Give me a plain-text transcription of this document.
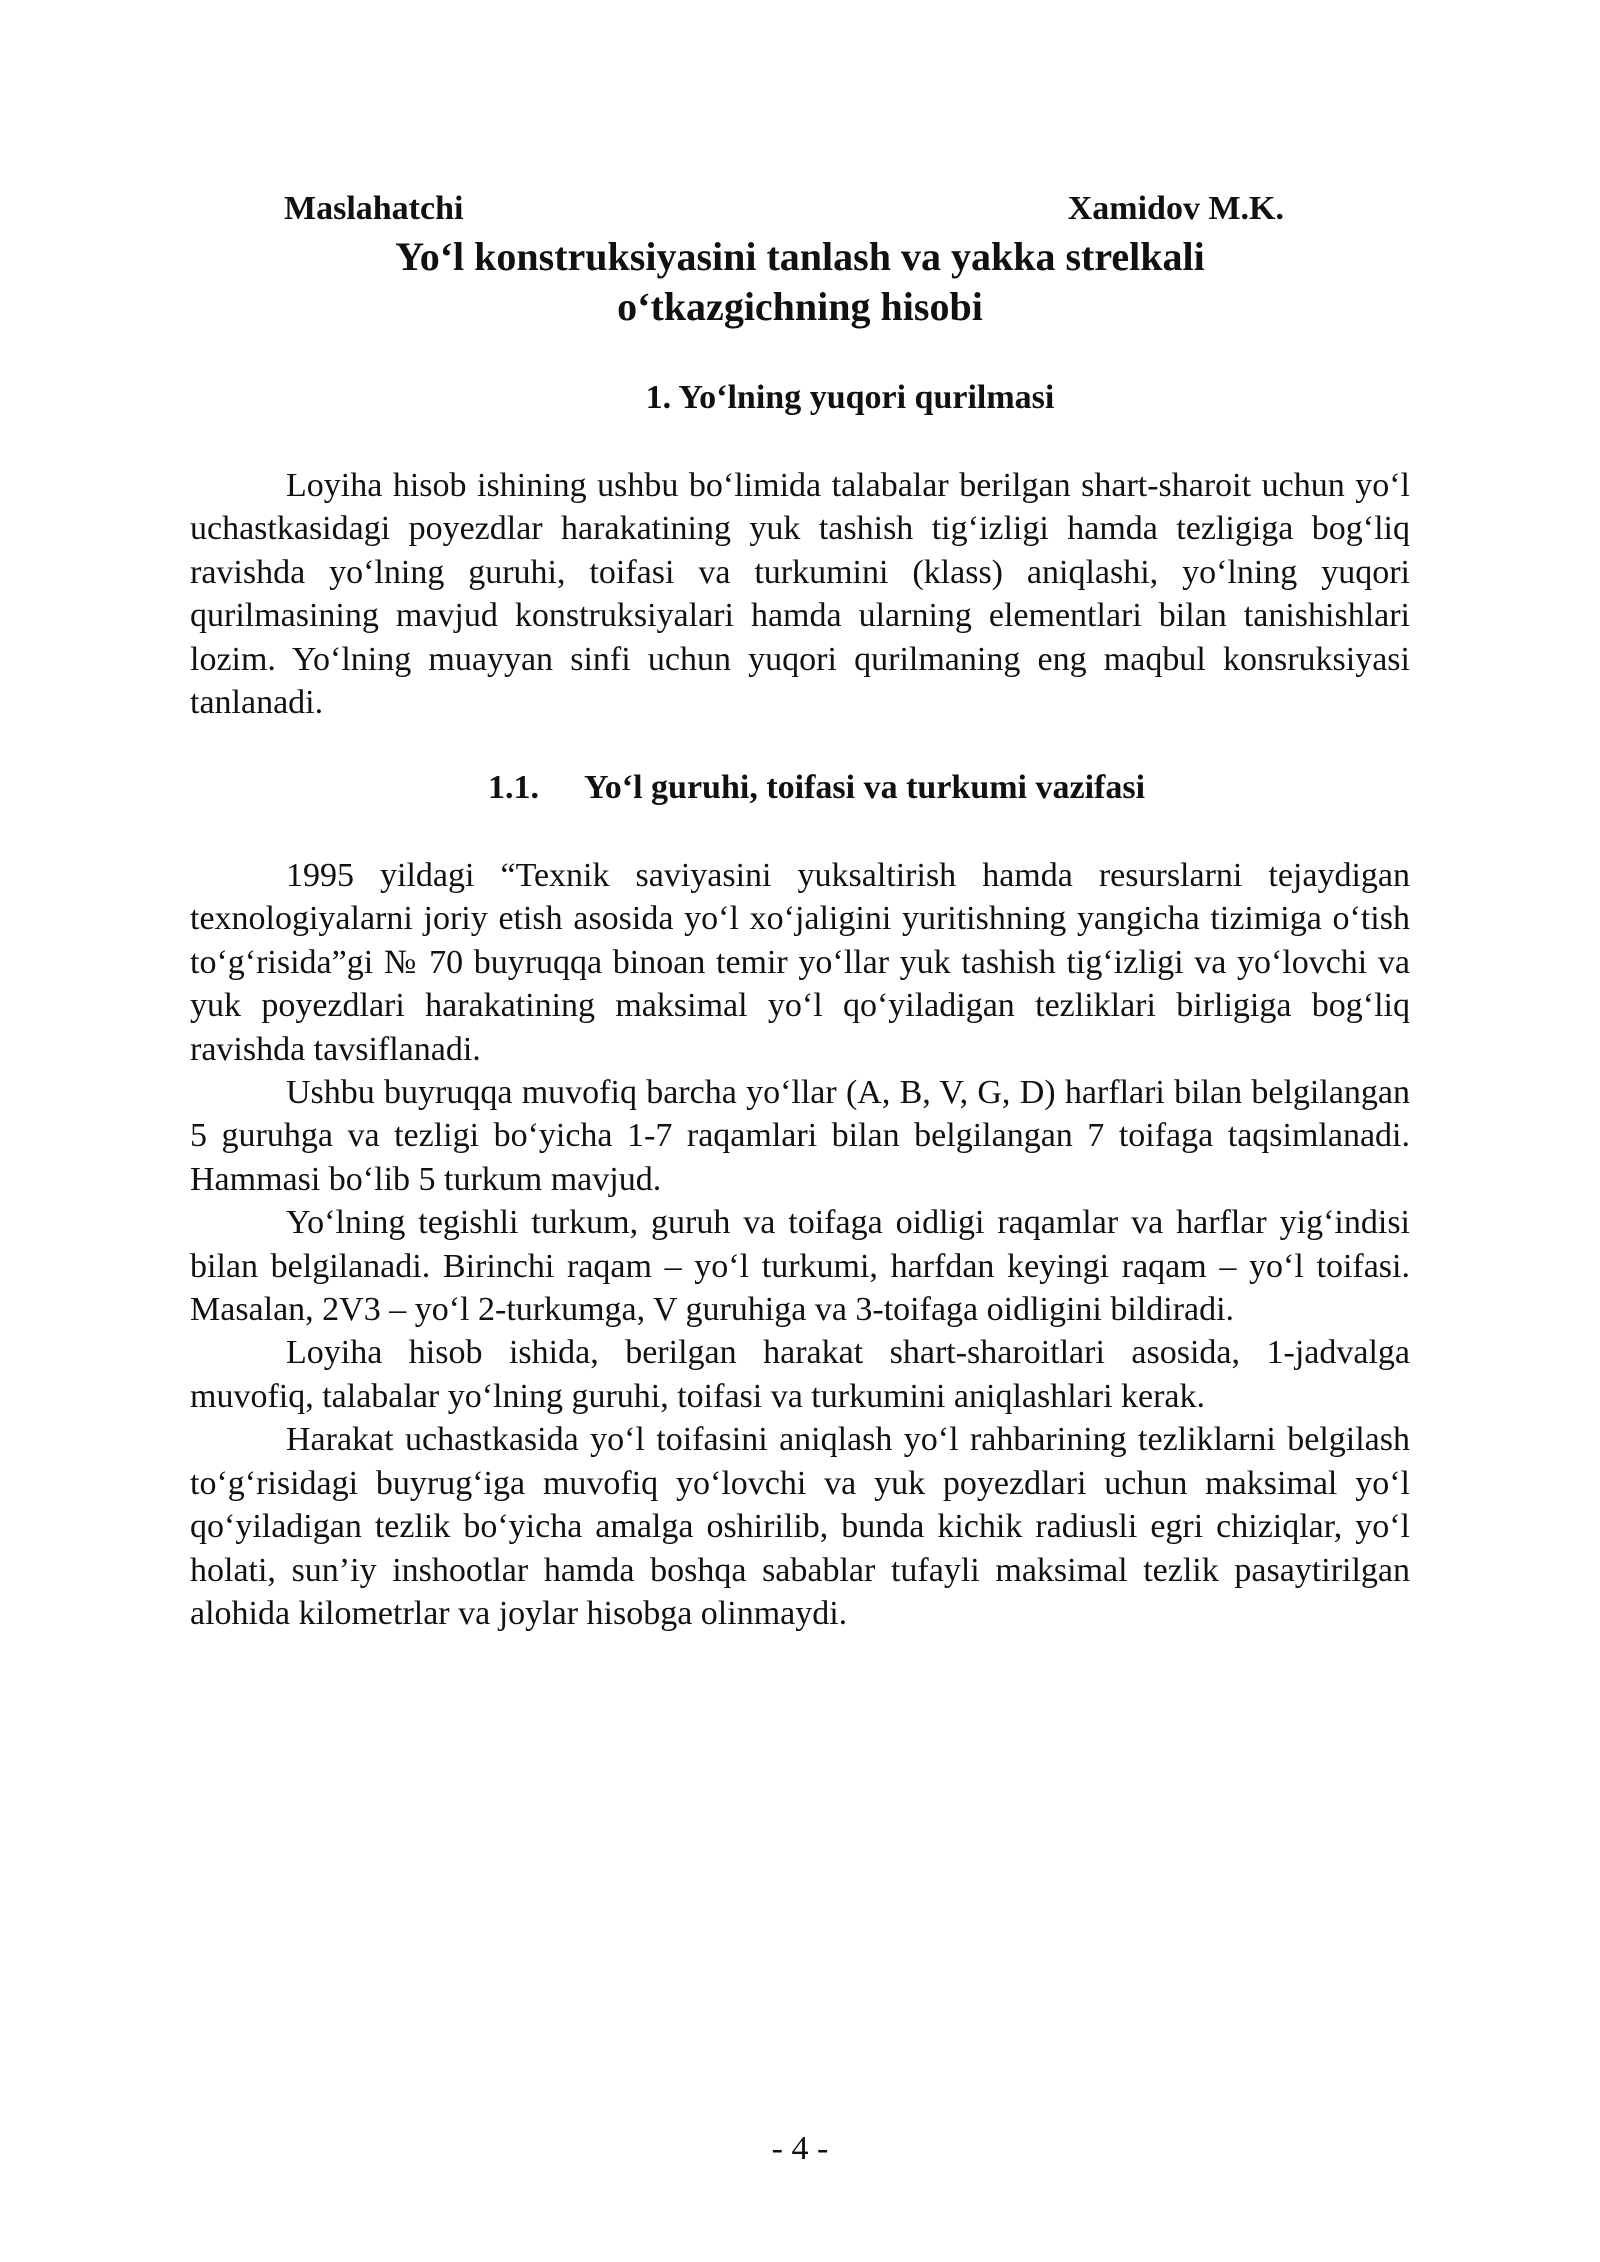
Maslahatchi	Xamidov M.K.
Yo‘l konstruksiyasini tanlash va yakka strelkali
o‘tkazgichning hisobi
1. Yo‘lning yuqori qurilmasi

Loyiha hisob ishining ushbu bo‘limida talabalar berilgan shart-sharoit uchun yo‘l uchastkasidagi poyezdlar harakatining yuk tashish tig‘izligi hamda tezligiga bog‘liq ravishda yo‘lning guruhi, toifasi va turkumini (klass) aniqlashi, yo‘lning yuqori qurilmasining mavjud konstruksiyalari hamda ularning elementlari bilan tanishishlari lozim. Yo‘lning muayyan sinfi uchun yuqori qurilmaning eng maqbul konsruksiyasi tanlanadi.

1.1. Yo‘l guruhi, toifasi va turkumi vazifasi

1995 yildagi “Texnik saviyasini yuksaltirish hamda resurslarni tejaydigan texnologiyalarni joriy etish asosida yo‘l xo‘jaligini yuritishning yangicha tizimiga o‘tish to‘g‘risida”gi № 70 buyruqqa binoan temir yo‘llar yuk tashish tig‘izligi va yo‘lovchi va yuk poyezdlari harakatining maksimal yo‘l qo‘yiladigan tezliklari birligiga bog‘liq ravishda tavsiflanadi.

Ushbu buyruqqa muvofiq barcha yo‘llar (A, B, V, G, D) harflari bilan belgilangan 5 guruhga va tezligi bo‘yicha 1-7 raqamlari bilan belgilangan 7 toifaga taqsimlanadi. Hammasi bo‘lib 5 turkum mavjud.

Yo‘lning tegishli turkum, guruh va toifaga oidligi raqamlar va harflar yig‘indisi bilan belgilanadi. Birinchi raqam – yo‘l turkumi, harfdan keyingi raqam – yo‘l toifasi. Masalan, 2V3 – yo‘l 2-turkumga, V guruhiga va 3-toifaga oidligini bildiradi.

Loyiha hisob ishida, berilgan harakat shart-sharoitlari asosida, 1-jadvalga muvofiq, talabalar yo‘lning guruhi, toifasi va turkumini aniqlashlari kerak.

Harakat uchastkasida yo‘l toifasini aniqlash yo‘l rahbarining tezliklarni belgilash to‘g‘risidagi buyrug‘iga muvofiq yo‘lovchi va yuk poyezdlari uchun maksimal yo‘l qo‘yiladigan tezlik bo‘yicha amalga oshirilib, bunda kichik radiusli egri chiziqlar, yo‘l holati, sun’iy inshootlar hamda boshqa sabablar tufayli maksimal tezlik pasaytirilgan alohida kilometrlar va joylar hisobga olinmaydi.

- 4 -
